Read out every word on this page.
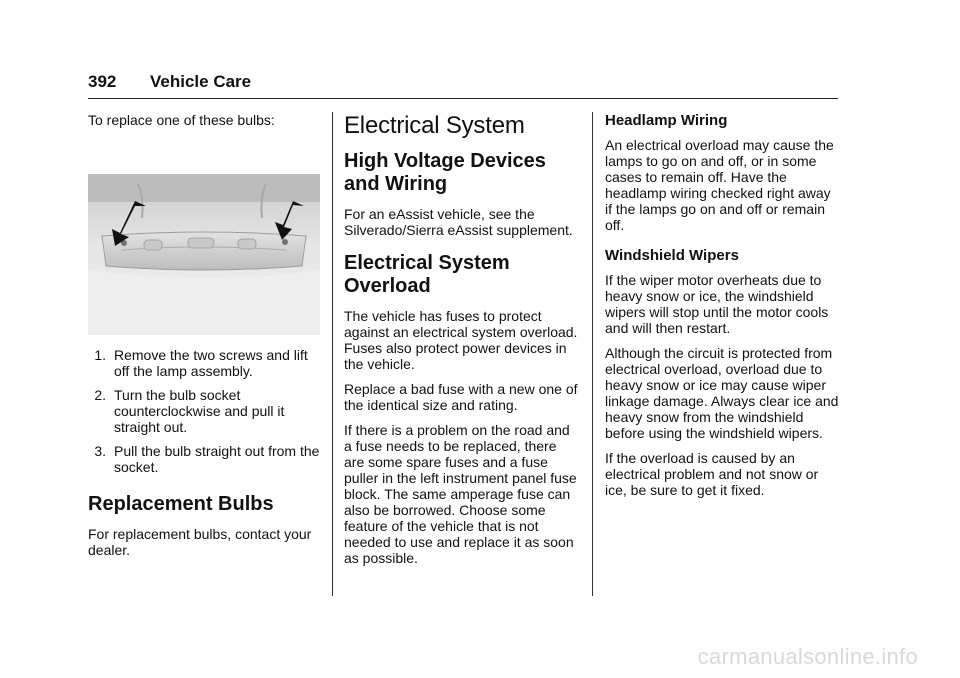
392 Vehicle Care

To replace one of these bulbs:

1. Remove the two screws and lift off the lamp assembly.
2. Turn the bulb socket counterclockwise and pull it straight out.
3. Pull the bulb straight out from the socket.
Replacement Bulbs

For replacement bulbs, contact your dealer.

Electrical System
High Voltage Devices and Wiring

For an eAssist vehicle, see the Silverado/Sierra eAssist supplement.

Electrical System Overload

The vehicle has fuses to protect against an electrical system overload. Fuses also protect power devices in the vehicle.

Replace a bad fuse with a new one of the identical size and rating.

If there is a problem on the road and a fuse needs to be replaced, there are some spare fuses and a fuse puller in the left instrument panel fuse block. The same amperage fuse can also be borrowed. Choose some feature of the vehicle that is not needed to use and replace it as soon as possible.

Headlamp Wiring

An electrical overload may cause the lamps to go on and off, or in some cases to remain off. Have the headlamp wiring checked right away if the lamps go on and off or remain off.

Windshield Wipers

If the wiper motor overheats due to heavy snow or ice, the windshield wipers will stop until the motor cools and will then restart.

Although the circuit is protected from electrical overload, overload due to heavy snow or ice may cause wiper linkage damage. Always clear ice and heavy snow from the windshield before using the windshield wipers.

If the overload is caused by an electrical problem and not snow or ice, be sure to get it fixed.

carmanualsonline.info
